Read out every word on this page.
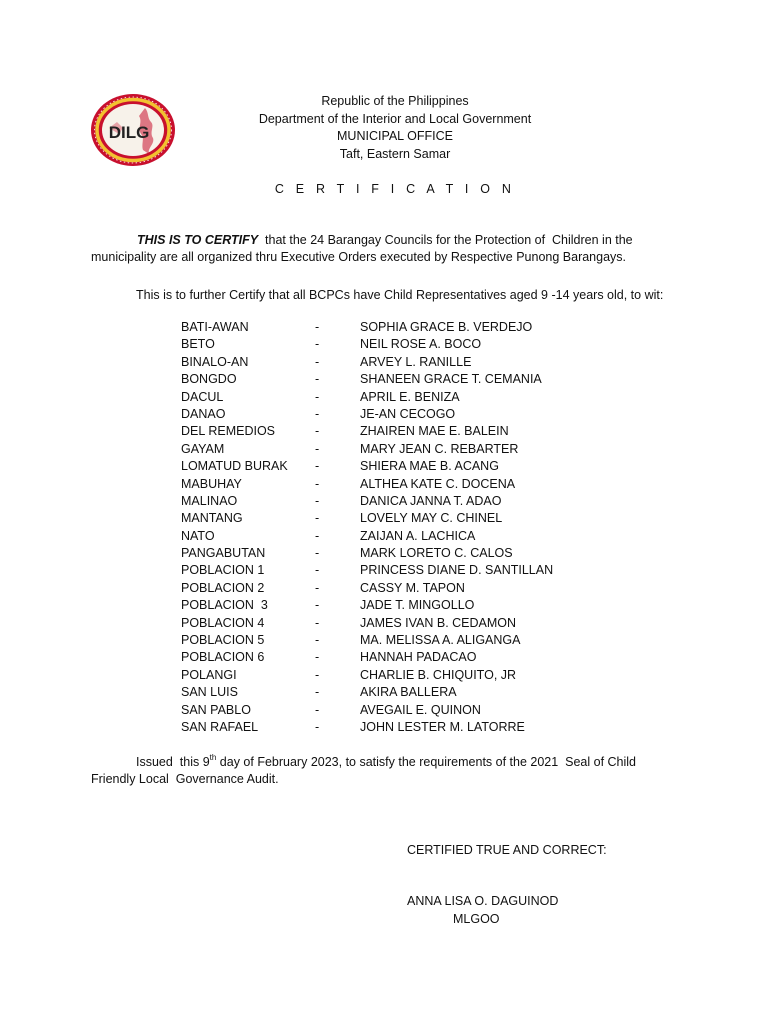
DILG
Republic of the Philippines
Department of the Interior and Local Government
MUNICIPAL OFFICE
Taft, Eastern Samar
C E R T I F I C A T I O N
THIS IS TO CERTIFY  that the 24 Barangay Councils for the Protection of  Children in the
municipality are all organized thru Executive Orders executed by Respective Punong Barangays.
This is to further Certify that all BCPCs have Child Representatives aged 9 -14 years old, to wit:
BATI-AWAN	-	SOPHIA GRACE B. VERDEJO
BETO	-	NEIL ROSE A. BOCO
BINALO-AN	-	ARVEY L. RANILLE
BONGDO	-	SHANEEN GRACE T. CEMANIA
DACUL	-	APRIL E. BENIZA
DANAO	-	JE-AN CECOGO
DEL REMEDIOS	-	ZHAIREN MAE E. BALEIN
GAYAM	-	MARY JEAN C. REBARTER
LOMATUD BURAK -	SHIERA MAE B. ACANG
MABUHAY	-	ALTHEA KATE C. DOCENA
MALINAO	-	DANICA JANNA T. ADAO
MANTANG	-	LOVELY MAY C. CHINEL
NATO	-	ZAIJAN A. LACHICA
PANGABUTAN	-	MARK LORETO C. CALOS
POBLACION 1	-	PRINCESS DIANE D. SANTILLAN
POBLACION 2	-	CASSY M. TAPON
POBLACION  3	-	JADE T. MINGOLLO
POBLACION 4	-	JAMES IVAN B. CEDAMON
POBLACION 5	-	MA. MELISSA A. ALIGANGA
POBLACION 6	-	HANNAH PADACAO
POLANGI	-	CHARLIE B. CHIQUITO, JR
SAN LUIS	-	AKIRA BALLERA
SAN PABLO	-	AVEGAIL E. QUINON
SAN RAFAEL	-	JOHN LESTER M. LATORRE
Issued  this 9th day of February 2023, to satisfy the requirements of the 2021  Seal of Child
Friendly Local  Governance Audit.
CERTIFIED TRUE AND CORRECT:
ANNA LISA O. DAGUINOD
MLGOO
